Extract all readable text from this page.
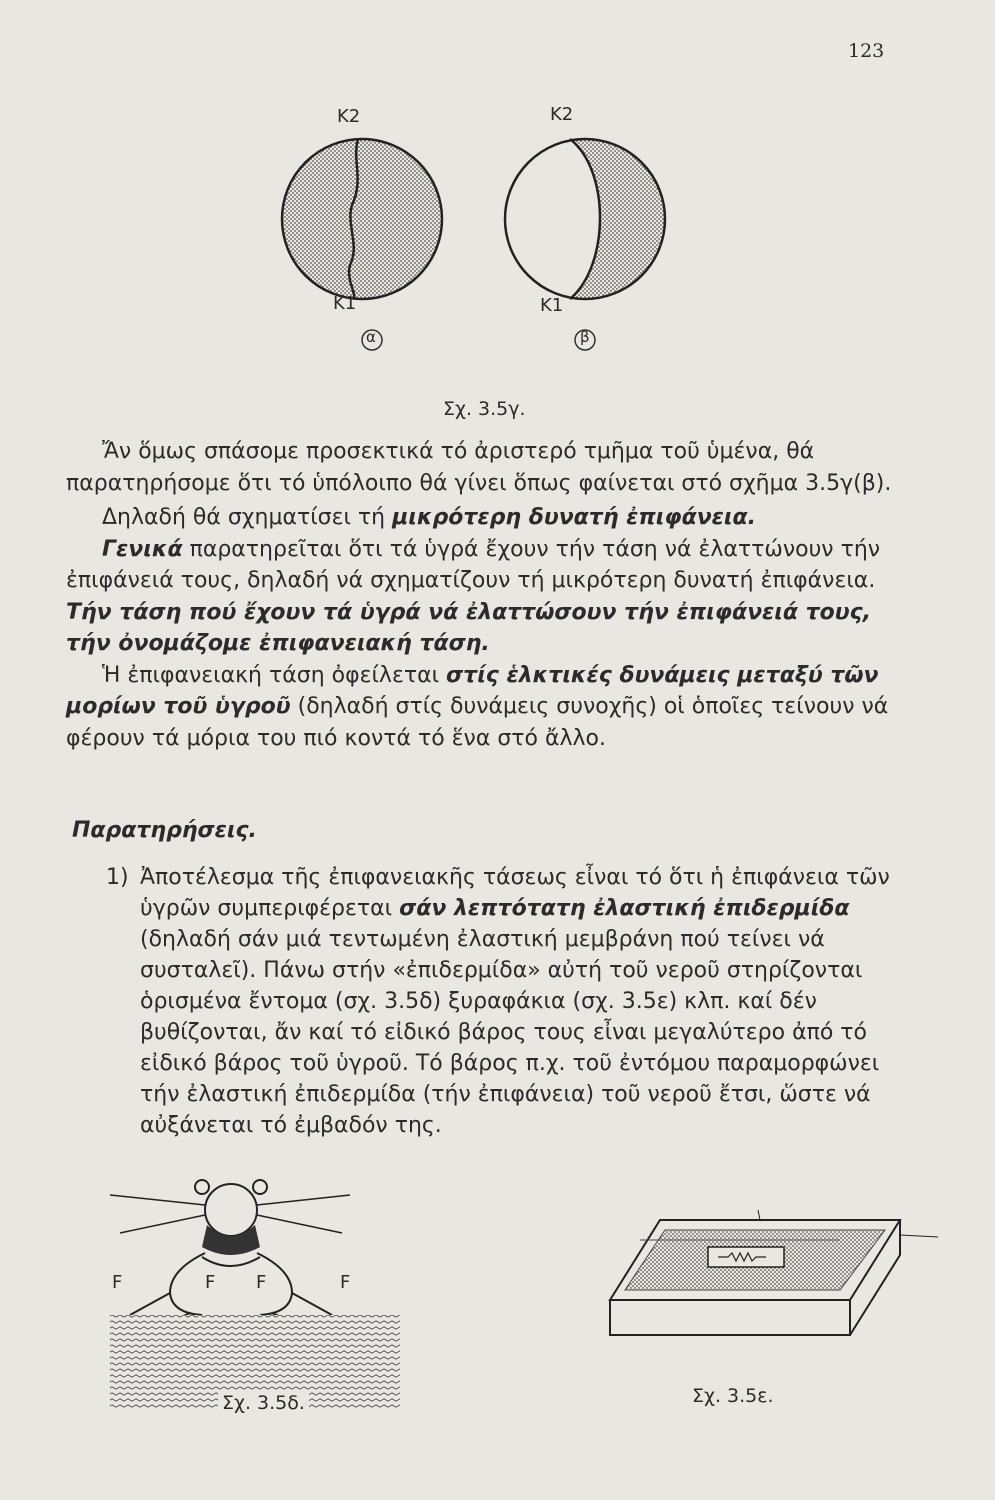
123
K2
K1
α
K2
K1
β
Σχ. 3.5γ.

Ἄν ὅμως σπάσομε προσεκτικά τό ἀριστερό τμῆμα τοῦ ὑμένα, θά παρατηρήσομε ὅτι τό ὑπόλοιπο θά γίνει ὅπως φαίνεται στό σχῆμα 3.5γ(β).

Δηλαδή θά σχηματίσει τή μικρότερη δυνατή ἐπιφάνεια.

Γενικά παρατηρεῖται ὅτι τά ὑγρά ἔχουν τήν τάση νά ἐλαττώνουν τήν ἐπιφάνειά τους, δηλαδή νά σχηματίζουν τή μικρότερη δυνατή ἐπιφάνεια. Τήν τάση πού ἔχουν τά ὑγρά νά ἐλαττώσουν τήν ἐπιφάνειά τους, τήν ὀνομάζομε ἐπιφανειακή τάση.

Ἡ ἐπιφανειακή τάση ὀφείλεται στίς ἑλκτικές δυνάμεις μεταξύ τῶν μορίων τοῦ ὑγροῦ (δηλαδή στίς δυνάμεις συνοχῆς) οἱ ὁποῖες τείνουν νά φέρουν τά μόρια του πιό κοντά τό ἕνα στό ἄλλο.

Παρατηρήσεις.
1) Ἀποτέλεσμα τῆς ἐπιφανειακῆς τάσεως εἶναι τό ὅτι ἡ ἐπιφάνεια τῶν ὑγρῶν συμπεριφέρεται σάν λεπτότατη ἐλαστική ἐπιδερμίδα (δηλαδή σάν μιά τεντωμένη ἐλαστική μεμβράνη πού τείνει νά συσταλεῖ). Πάνω στήν «ἐπιδερμίδα» αὐτή τοῦ νεροῦ στηρίζονται ὁρισμένα ἔντομα (σχ. 3.5δ) ξυραφάκια (σχ. 3.5ε) κλπ. καί δέν βυθίζονται, ἄν καί τό εἰδικό βάρος τους εἶναι μεγαλύτερο ἀπό τό εἰδικό βάρος τοῦ ὑγροῦ. Τό βάρος π.χ. τοῦ ἐντόμου παραμορφώνει τήν ἐλαστική ἐπιδερμίδα (τήν ἐπιφάνεια) τοῦ νεροῦ ἔτσι, ὥστε νά αὐξάνεται τό ἐμβαδόν της.
F	F F	F
Σχ. 3.5δ.	Σχ. 3.5ε.
